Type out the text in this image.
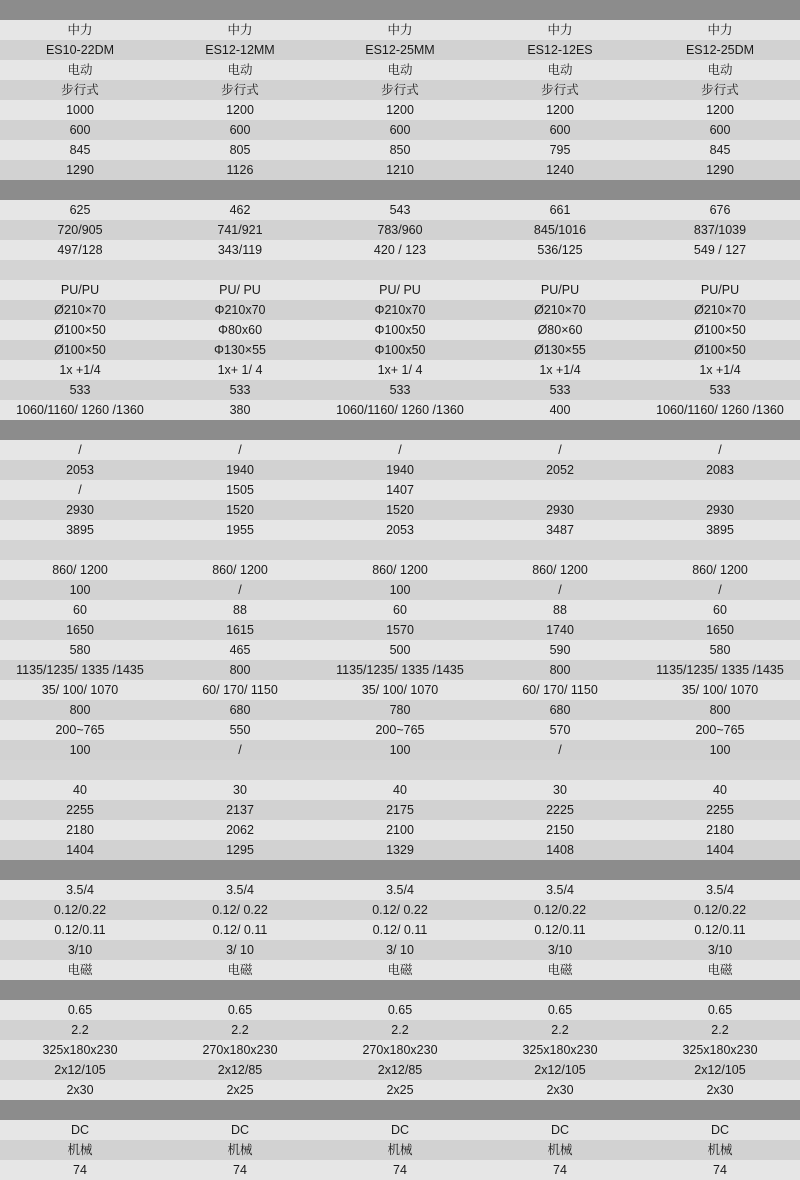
中力	中力	中力	中力	中力
ES10-22DM	ES12-12MM	ES12-25MM	ES12-12ES	ES12-25DM
电动	电动	电动	电动	电动
步行式	步行式	步行式	步行式	步行式
1000	1200	1200	1200	1200
600	600	600	600	600
845	805	850	795	845
1290	1126	1210	1240	1290

625	462	543	661	676
720/905	741/921	783/960	845/1016	837/1039
497/128	343/119	420 / 123	536/125	549 / 127

PU/PU	PU/ PU	PU/ PU	PU/PU	PU/PU
Ø210×70	Φ210x70	Φ210x70	Ø210×70	Ø210×70
Ø100×50	Φ80x60	Φ100x50	Ø80×60	Ø100×50
Ø100×50	Φ130×55	Φ100x50	Ø130×55	Ø100×50
1x +1/4	1x+ 1/ 4	1x+ 1/ 4	1x +1/4	1x +1/4
533	533	533	533	533
1060/1160/ 1260 /1360	380	1060/1160/ 1260 /1360	400	1060/1160/ 1260 /1360

/	/	/	/	/
2053	1940	1940	2052	2083
/	1505	1407		
2930	1520	1520	2930	2930
3895	1955	2053	3487	3895

860/ 1200	860/ 1200	860/ 1200	860/ 1200	860/ 1200
100	/	100	/	/
60	88	60	88	60
1650	1615	1570	1740	1650
580	465	500	590	580
1135/1235/ 1335 /1435	800	1135/1235/ 1335 /1435	800	1135/1235/ 1335 /1435
35/ 100/ 1070	60/ 170/ 1150	35/ 100/ 1070	60/ 170/ 1150	35/ 100/ 1070
800	680	780	680	800
200~765	550	200~765	570	200~765
100	/	100	/	100

40	30	40	30	40
2255	2137	2175	2225	2255
2180	2062	2100	2150	2180
1404	1295	1329	1408	1404

3.5/4	3.5/4	3.5/4	3.5/4	3.5/4
0.12/0.22	0.12/ 0.22	0.12/ 0.22	0.12/0.22	0.12/0.22
0.12/0.11	0.12/ 0.11	0.12/ 0.11	0.12/0.11	0.12/0.11
3/10	3/ 10	3/ 10	3/10	3/10
电磁	电磁	电磁	电磁	电磁

0.65	0.65	0.65	0.65	0.65
2.2	2.2	2.2	2.2	2.2
325x180x230	270x180x230	270x180x230	325x180x230	325x180x230
2x12/105	2x12/85	2x12/85	2x12/105	2x12/105
2x30	2x25	2x25	2x30	2x30

DC	DC	DC	DC	DC
机械	机械	机械	机械	机械
74	74	74	74	74
